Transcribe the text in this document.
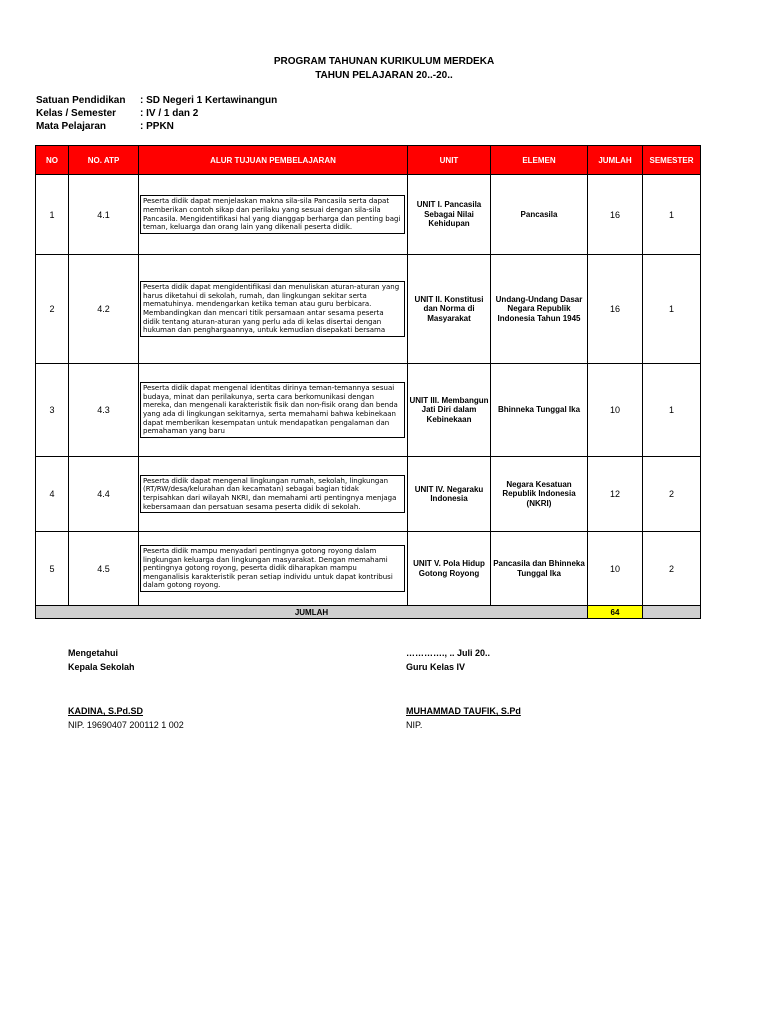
PROGRAM TAHUNAN KURIKULUM MERDEKA
TAHUN PELAJARAN 20..-20..
Satuan Pendidikan : SD Negeri 1 Kertawinangun
Kelas / Semester : IV / 1 dan 2
Mata Pelajaran	: PPKN
NO	NO. ATP	ALUR TUJUAN PEMBELAJARAN	UNIT	ELEMEN	JUMLAH	SEMESTER
1	4.1	Peserta didik dapat menjelaskan makna sila-sila Pancasila serta dapat memberikan contoh sikap dan perilaku yang sesuai dengan sila-sila Pancasila. Mengidentifikasi hal yang dianggap berharga dan penting bagi teman, keluarga dan orang lain yang dikenali peserta didik.	UNIT I. Pancasila Sebagai Nilai Kehidupan	Pancasila	16	1
2	4.2	Peserta didik dapat mengidentifikasi dan menuliskan aturan-aturan yang harus diketahui di sekolah, rumah, dan lingkungan sekitar serta mematuhinya. mendengarkan ketika teman atau guru berbicara. Membandingkan dan mencari titik persamaan antar sesama peserta didik tentang aturan-aturan yang perlu ada di kelas disertai dengan hukuman dan penghargaannya, untuk kemudian disepakati bersama	UNIT II. Konstitusi dan Norma di Masyarakat	Undang-Undang Dasar Negara Republik Indonesia Tahun 1945	16	1
3	4.3	Peserta didik dapat mengenal identitas dirinya teman-temannya sesuai budaya, minat dan perilakunya, serta cara berkomunikasi dengan mereka, dan mengenali karakteristik fisik dan non-fisik orang dan benda yang ada di lingkungan sekitarnya, serta memahami bahwa kebinekaan dapat memberikan kesempatan untuk mendapatkan pengalaman dan pemahaman yang baru	UNIT III. Membangun Jati Diri dalam Kebinekaan	Bhinneka Tunggal Ika	10	1
4	4.4	Peserta didik dapat mengenal lingkungan rumah, sekolah, lingkungan (RT/RW/desa/kelurahan dan kecamatan) sebagai bagian tidak terpisahkan dari wilayah NKRI, dan memahami arti pentingnya menjaga kebersamaan dan persatuan sesama peserta didik di sekolah.	UNIT IV. Negaraku Indonesia	Negara Kesatuan Republik Indonesia (NKRI)	12	2
5	4.5	Peserta didik mampu menyadari pentingnya gotong royong dalam lingkungan keluarga dan lingkungan masyarakat. Dengan memahami pentingnya gotong royong, peserta didik diharapkan mampu menganalisis karakteristik peran setiap individu untuk dapat kontribusi dalam gotong royong.	UNIT V. Pola Hidup Gotong Royong	Pancasila dan Bhinneka Tunggal Ika	10	2
JUMLAH					64	
Mengetahui
Kepala Sekolah
KADINA, S.Pd.SD
NIP. 19690407 200112 1 002
…………., .. Juli 20..
Guru Kelas IV
MUHAMMAD TAUFIK, S.Pd
NIP.
